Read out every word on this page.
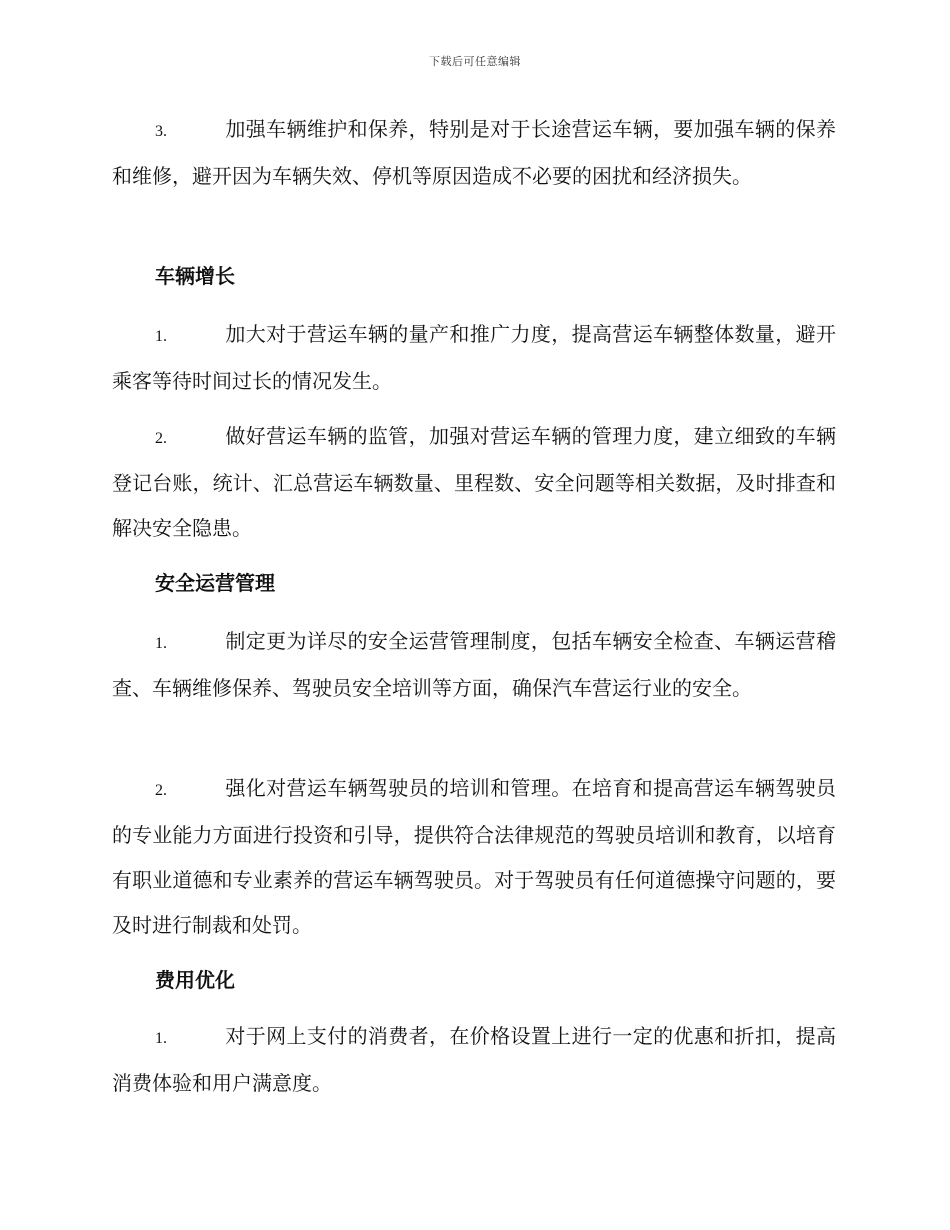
下载后可任意编辑

3.	加强车辆维护和保养，特别是对于长途营运车辆，要加强车辆的保养和维修，避开因为车辆失效、停机等原因造成不必要的困扰和经济损失。

车辆增长

1.	加大对于营运车辆的量产和推广力度，提高营运车辆整体数量，避开乘客等待时间过长的情况发生。

2.	做好营运车辆的监管，加强对营运车辆的管理力度，建立细致的车辆登记台账，统计、汇总营运车辆数量、里程数、安全问题等相关数据，及时排查和解决安全隐患。

安全运营管理

1.	制定更为详尽的安全运营管理制度，包括车辆安全检查、车辆运营稽查、车辆维修保养、驾驶员安全培训等方面，确保汽车营运行业的安全。

2.	强化对营运车辆驾驶员的培训和管理。在培育和提高营运车辆驾驶员的专业能力方面进行投资和引导，提供符合法律规范的驾驶员培训和教育，以培育有职业道德和专业素养的营运车辆驾驶员。对于驾驶员有任何道德操守问题的，要及时进行制裁和处罚。

费用优化

1.	对于网上支付的消费者，在价格设置上进行一定的优惠和折扣，提高消费体验和用户满意度。
